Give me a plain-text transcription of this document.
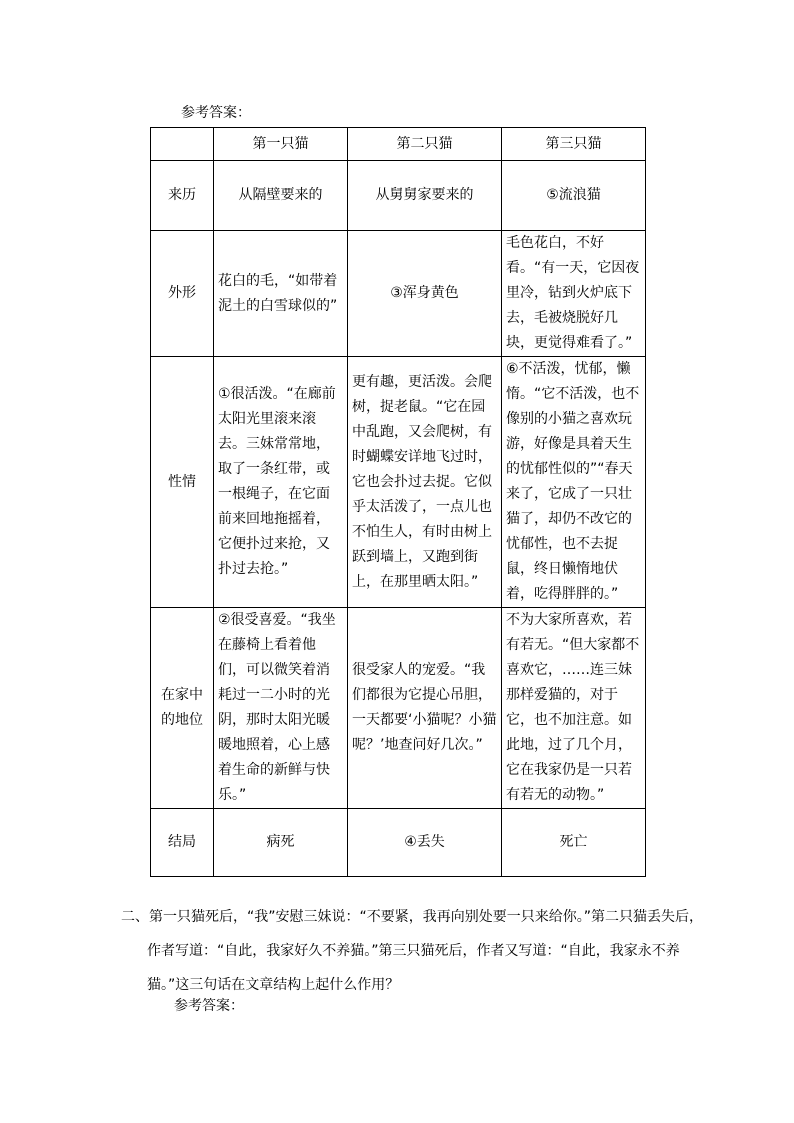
参考答案：
	第一只猫	第二只猫	第三只猫
来历	从隔壁要来的	从舅舅家要来的	⑤流浪猫
外形	花白的毛，“如带着泥土的白雪球似的”	③浑身黄色	毛色花白，不好看。“有一天，它因夜里冷，钻到火炉底下去，毛被烧脱好几块，更觉得难看了。”
性情	①很活泼。“在廊前太阳光里滚来滚去。三妹常常地，取了一条红带，或一根绳子，在它面前来回地拖摇着，它便扑过来抢，又扑过去抢。”	更有趣，更活泼。会爬树，捉老鼠。“它在园中乱跑，又会爬树，有时蝴蝶安详地飞过时，它也会扑过去捉。它似乎太活泼了，一点儿也不怕生人，有时由树上跃到墙上，又跑到街上，在那里晒太阳。”	⑥不活泼，忧郁，懒惰。“它不活泼，也不像别的小猫之喜欢玩游，好像是具着天生的忧郁性似的”“春天来了，它成了一只壮猫了，却仍不改它的忧郁性，也不去捉鼠，终日懒惰地伏着，吃得胖胖的。”
在家中的地位	②很受喜爱。“我坐在藤椅上看着他们，可以微笑着消耗过一二小时的光阴，那时太阳光暖暖地照着，心上感着生命的新鲜与快乐。”	很受家人的宠爱。“我们都很为它提心吊胆，一天都要‘小猫呢？小猫呢？’地查问好几次。”	不为大家所喜欢，若有若无。“但大家都不喜欢它，……连三妹那样爱猫的，对于它，也不加注意。如此地，过了几个月，它在我家仍是一只若有若无的动物。”
结局	病死	④丢失	死亡
二、第一只猫死后，“我”安慰三妹说：“不要紧，我再向别处要一只来给你。”第二只猫丢失后，作者写道：“自此，我家好久不养猫。”第三只猫死后，作者又写道：“自此，我家永不养猫。”这三句话在文章结构上起什么作用？
参考答案：
